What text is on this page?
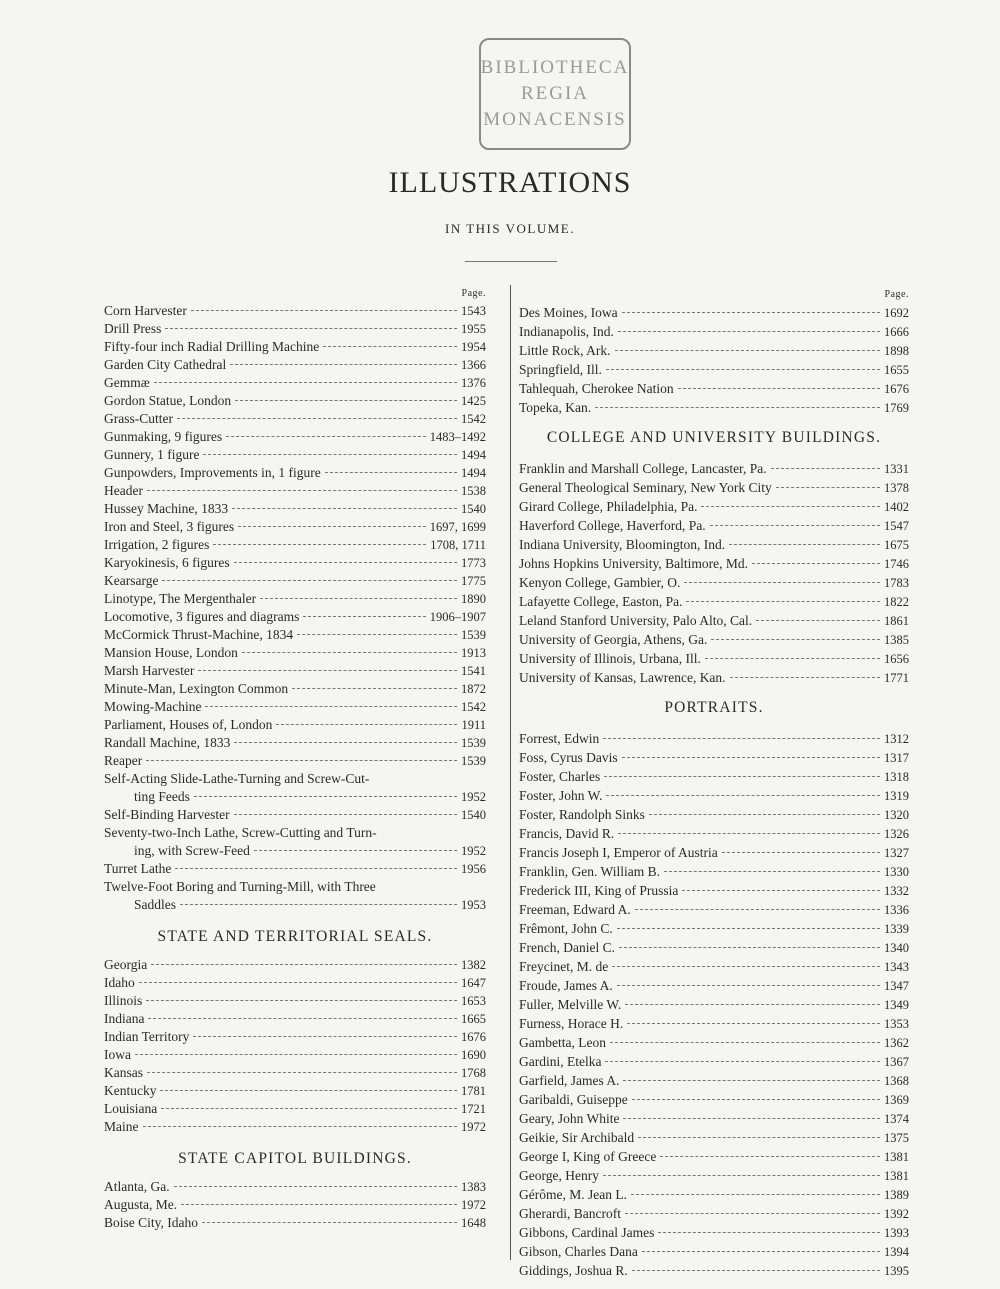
BIBLIOTHECA
REGIA
MONACENSIS
ILLUSTRATIONS
IN THIS VOLUME.
Page.
Corn Harvester	1543
Drill Press	1955
Fifty-four inch Radial Drilling Machine	1954
Garden City Cathedral	1366
Gemmæ	1376
Gordon Statue, London	1425
Grass-Cutter	1542
Gunmaking, 9 figures	1483–1492
Gunnery, 1 figure	1494
Gunpowders, Improvements in, 1 figure	1494
Header	1538
Hussey Machine, 1833	1540
Iron and Steel, 3 figures	1697, 1699
Irrigation, 2 figures	1708, 1711
Karyokinesis, 6 figures	1773
Kearsarge	1775
Linotype, The Mergenthaler	1890
Locomotive, 3 figures and diagrams	1906–1907
McCormick Thrust-Machine, 1834	1539
Mansion House, London	1913
Marsh Harvester	1541
Minute-Man, Lexington Common	1872
Mowing-Machine	1542
Parliament, Houses of, London	1911
Randall Machine, 1833	1539
Reaper	1539
Self-Acting Slide-Lathe-Turning and Screw-Cut-
ting Feeds	1952
Self-Binding Harvester	1540
Seventy-two-Inch Lathe, Screw-Cutting and Turn-
ing, with Screw-Feed	1952
Turret Lathe	1956
Twelve-Foot Boring and Turning-Mill, with Three
Saddles	1953
STATE AND TERRITORIAL SEALS.
Georgia	1382
Idaho	1647
Illinois	1653
Indiana	1665
Indian Territory	1676
Iowa	1690
Kansas	1768
Kentucky	1781
Louisiana	1721
Maine	1972
STATE CAPITOL BUILDINGS.
Atlanta, Ga.	1383
Augusta, Me.	1972
Boise City, Idaho	1648
Page.
Des Moines, Iowa	1692
Indianapolis, Ind.	1666
Little Rock, Ark.	1898
Springfield, Ill.	1655
Tahlequah, Cherokee Nation	1676
Topeka, Kan.	1769
COLLEGE AND UNIVERSITY BUILDINGS.
Franklin and Marshall College, Lancaster, Pa.	1331
General Theological Seminary, New York City	1378
Girard College, Philadelphia, Pa.	1402
Haverford College, Haverford, Pa.	1547
Indiana University, Bloomington, Ind.	1675
Johns Hopkins University, Baltimore, Md.	1746
Kenyon College, Gambier, O.	1783
Lafayette College, Easton, Pa.	1822
Leland Stanford University, Palo Alto, Cal.	1861
University of Georgia, Athens, Ga.	1385
University of Illinois, Urbana, Ill.	1656
University of Kansas, Lawrence, Kan.	1771
PORTRAITS.
Forrest, Edwin	1312
Foss, Cyrus Davis	1317
Foster, Charles	1318
Foster, John W.	1319
Foster, Randolph Sinks	1320
Francis, David R.	1326
Francis Joseph I, Emperor of Austria	1327
Franklin, Gen. William B.	1330
Frederick III, King of Prussia	1332
Freeman, Edward A.	1336
Frêmont, John C.	1339
French, Daniel C.	1340
Freycinet, M. de	1343
Froude, James A.	1347
Fuller, Melville W.	1349
Furness, Horace H.	1353
Gambetta, Leon	1362
Gardini, Etelka	1367
Garfield, James A.	1368
Garibaldi, Guiseppe	1369
Geary, John White	1374
Geikie, Sir Archibald	1375
George I, King of Greece	1381
George, Henry	1381
Gérôme, M. Jean L.	1389
Gherardi, Bancroft	1392
Gibbons, Cardinal James	1393
Gibson, Charles Dana	1394
Giddings, Joshua R.	1395
